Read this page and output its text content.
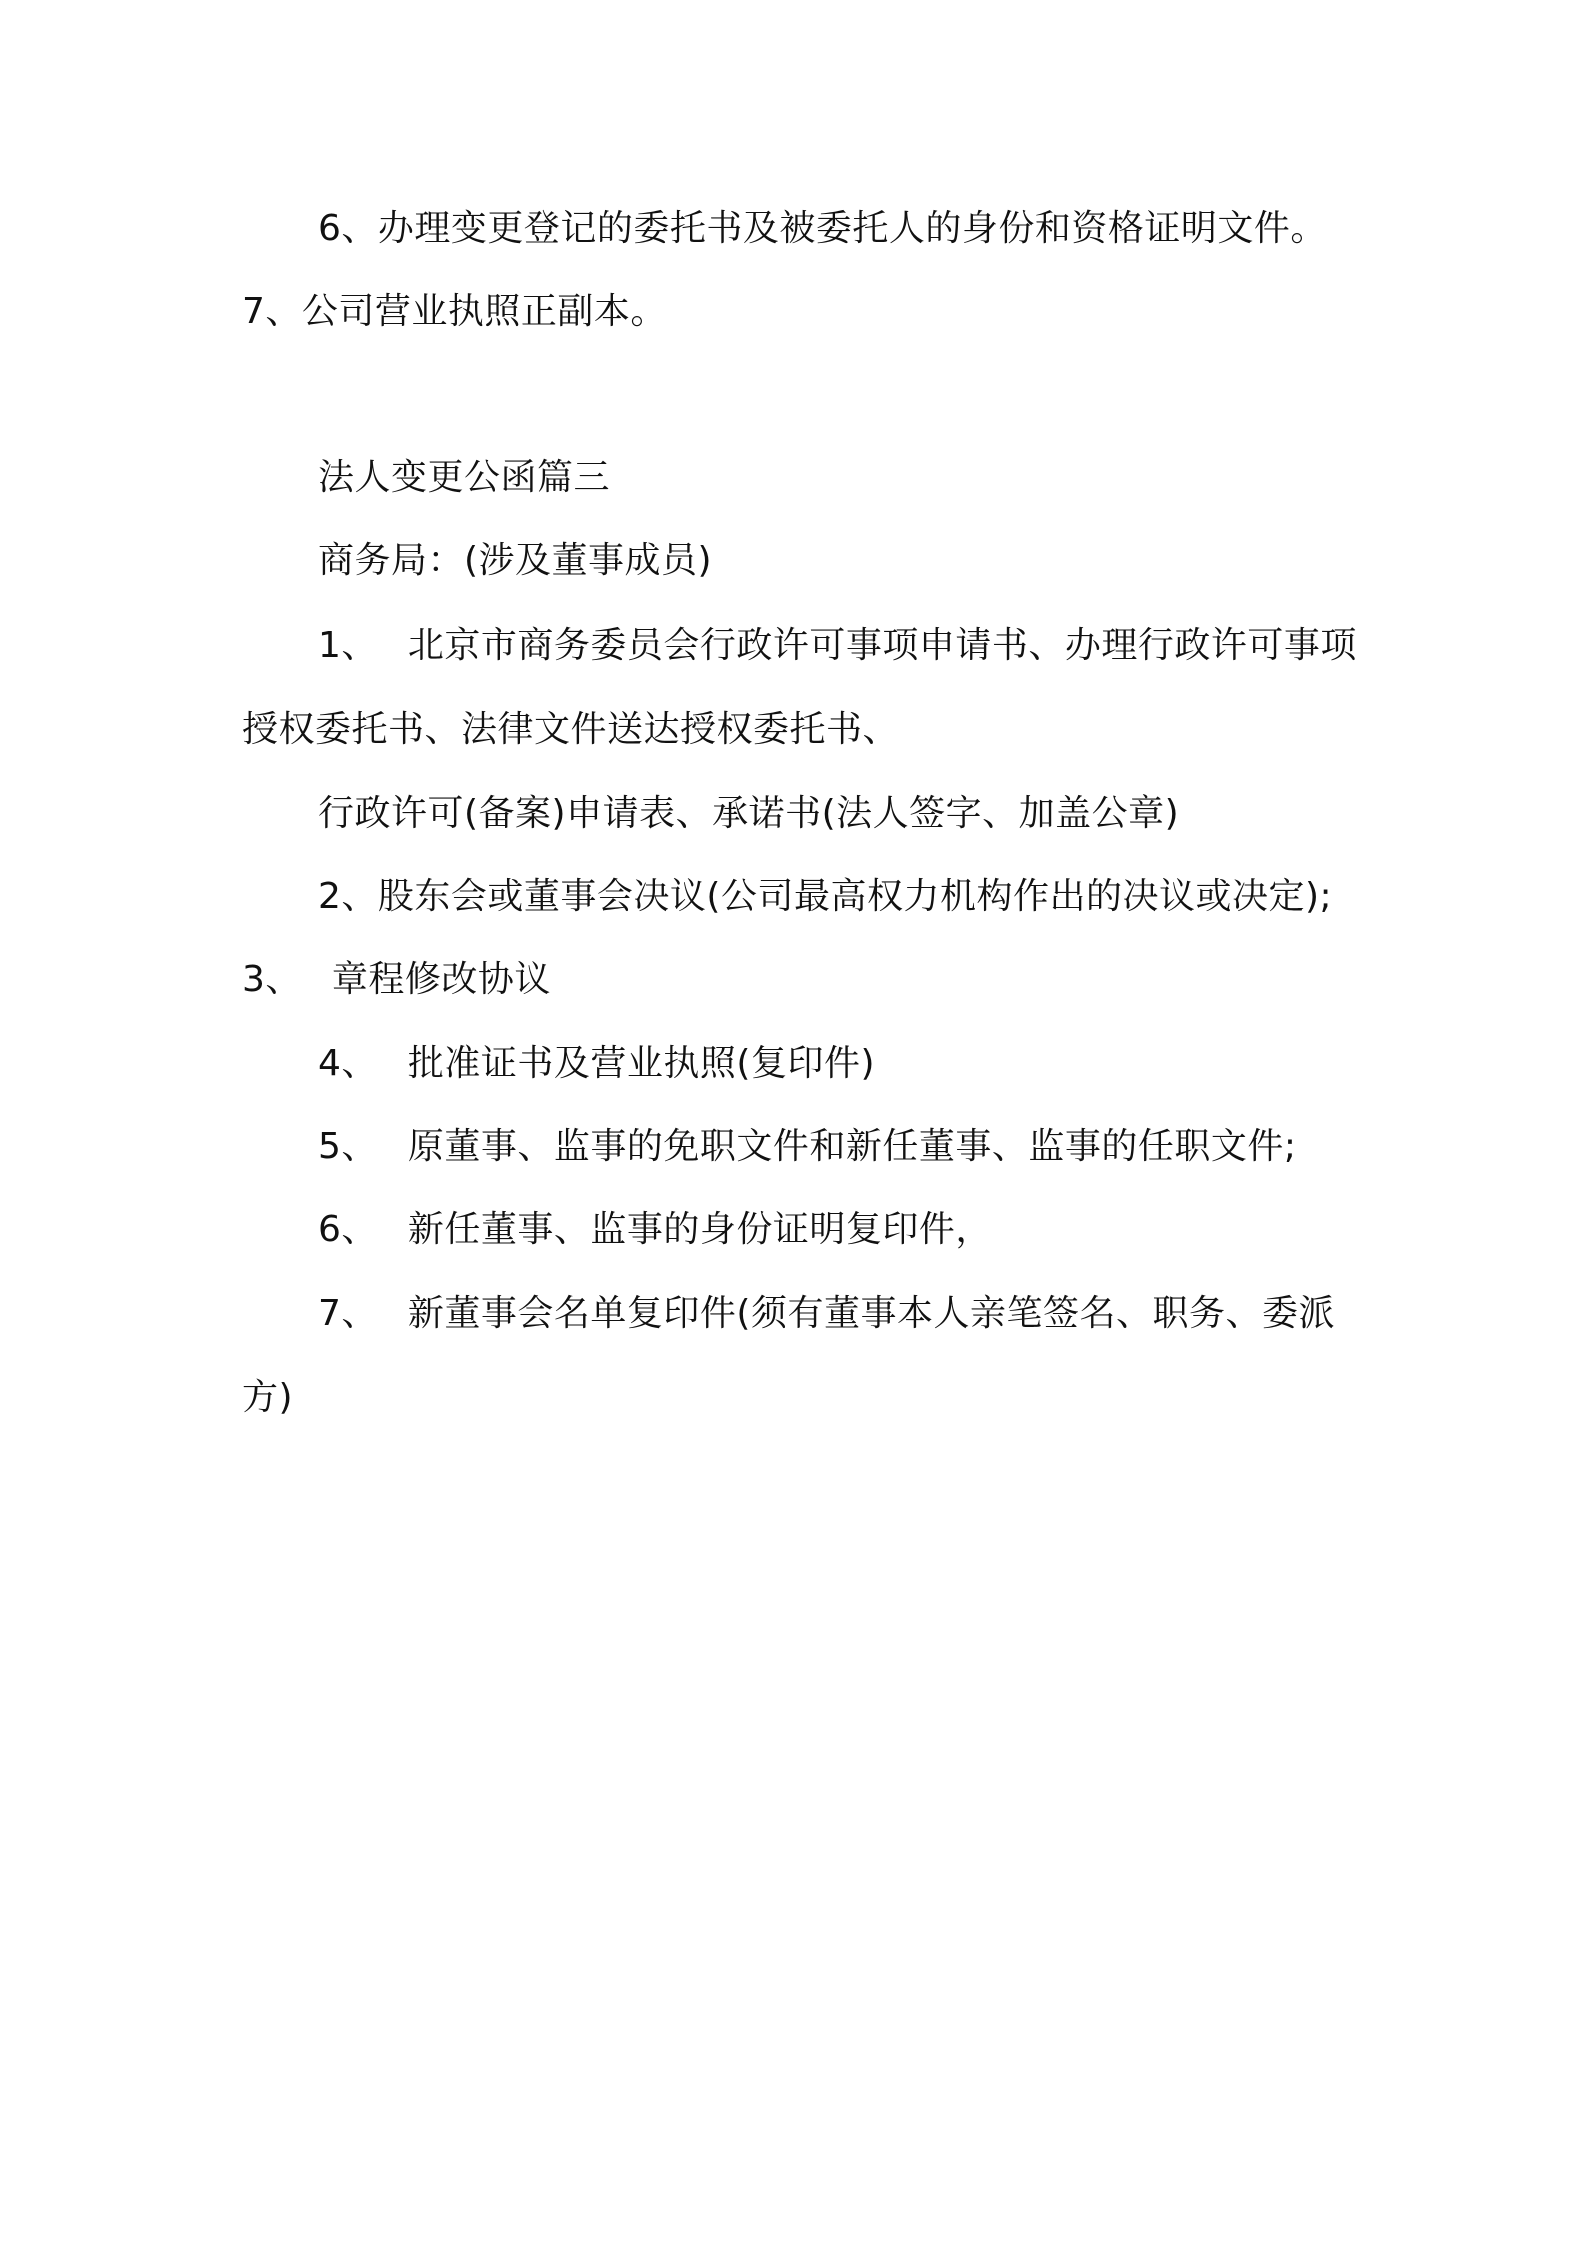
6、办理变更登记的委托书及被委托人的身份和资格证明文件。
7、公司营业执照正副本。
法人变更公函篇三
商务局：(涉及董事成员)
1、 北京市商务委员会行政许可事项申请书、办理行政许可事项
授权委托书、法律文件送达授权委托书、
行政许可(备案)申请表、承诺书(法人签字、加盖公章)
2、股东会或董事会决议(公司最高权力机构作出的决议或决定);
3、 章程修改协议
4、 批准证书及营业执照(复印件)
5、 原董事、监事的免职文件和新任董事、监事的任职文件;
6、 新任董事、监事的身份证明复印件，
7、 新董事会名单复印件(须有董事本人亲笔签名、职务、委派
方)
